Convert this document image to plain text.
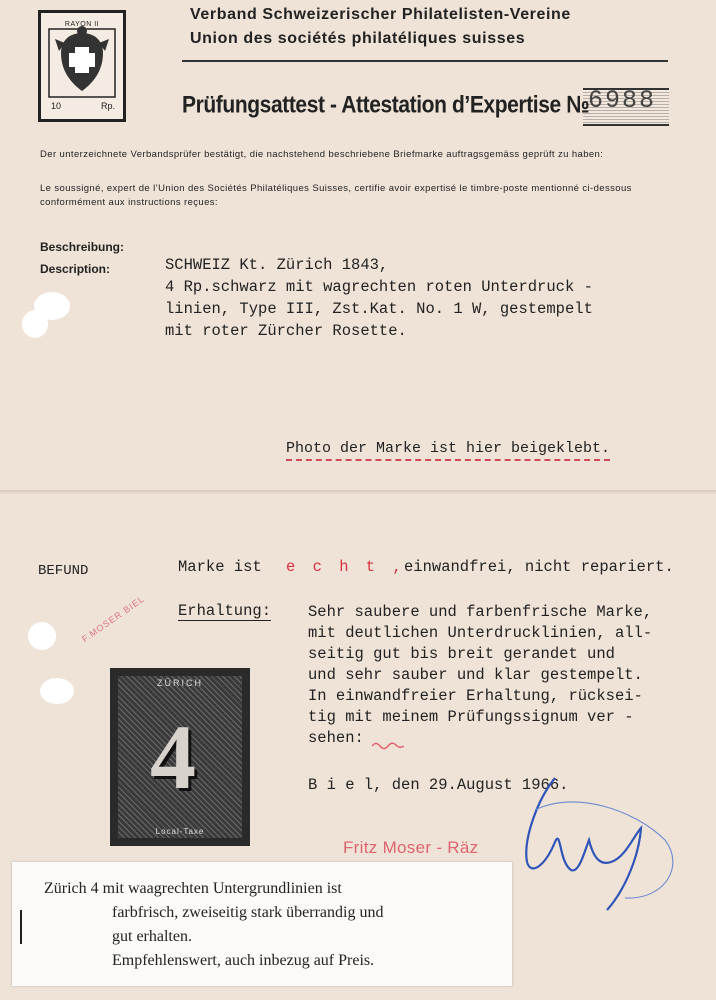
RAYON II
10	Rp.
Verband Schweizerischer Philatelisten-Vereine
Union des sociétés philatéliques suisses
Prüfungsattest - Attestation d’Expertise №
6988

Der unterzeichnete Verbandsprüfer bestätigt, die nachstehend beschriebene Briefmarke auftragsgemäss geprüft zu haben:

Le soussigné, expert de l’Union des Sociétés Philatéliques Suisses, certifie avoir expertisé le timbre-poste mentionné ci-dessous conformément aux instructions reçues:

Beschreibung:
Description:	SCHWEIZ Kt. Zürich 1843,
4 Rp.schwarz mit wagrechten roten Unterdruck -
linien, Type III, Zst.Kat. No. 1 W, gestempelt
mit roter Zürcher Rosette.
Photo der Marke ist hier beigeklebt.
BEFUND	Marke ist e c h t ,
einwandfrei, nicht repariert.
Erhaltung: Sehr saubere und farbenfrische Marke,
mit deutlichen Unterdrucklinien, all-
seitig gut bis breit gerandet und
und sehr sauber und klar gestempelt.
In einwandfreier Erhaltung, rücksei-
tig mit meinem Prüfungssignum ver -
sehen:
B i e l, den 29.August 1966.
Fritz Moser - Räz
F.MOSER BIEL
ZÜRICH
4
Local-Taxe
Zürich 4 mit waagrechten Untergrundlinien ist
farbfrisch, zweiseitig stark überrandig und
gut erhalten.
Empfehlenswert, auch inbezug auf Preis.
